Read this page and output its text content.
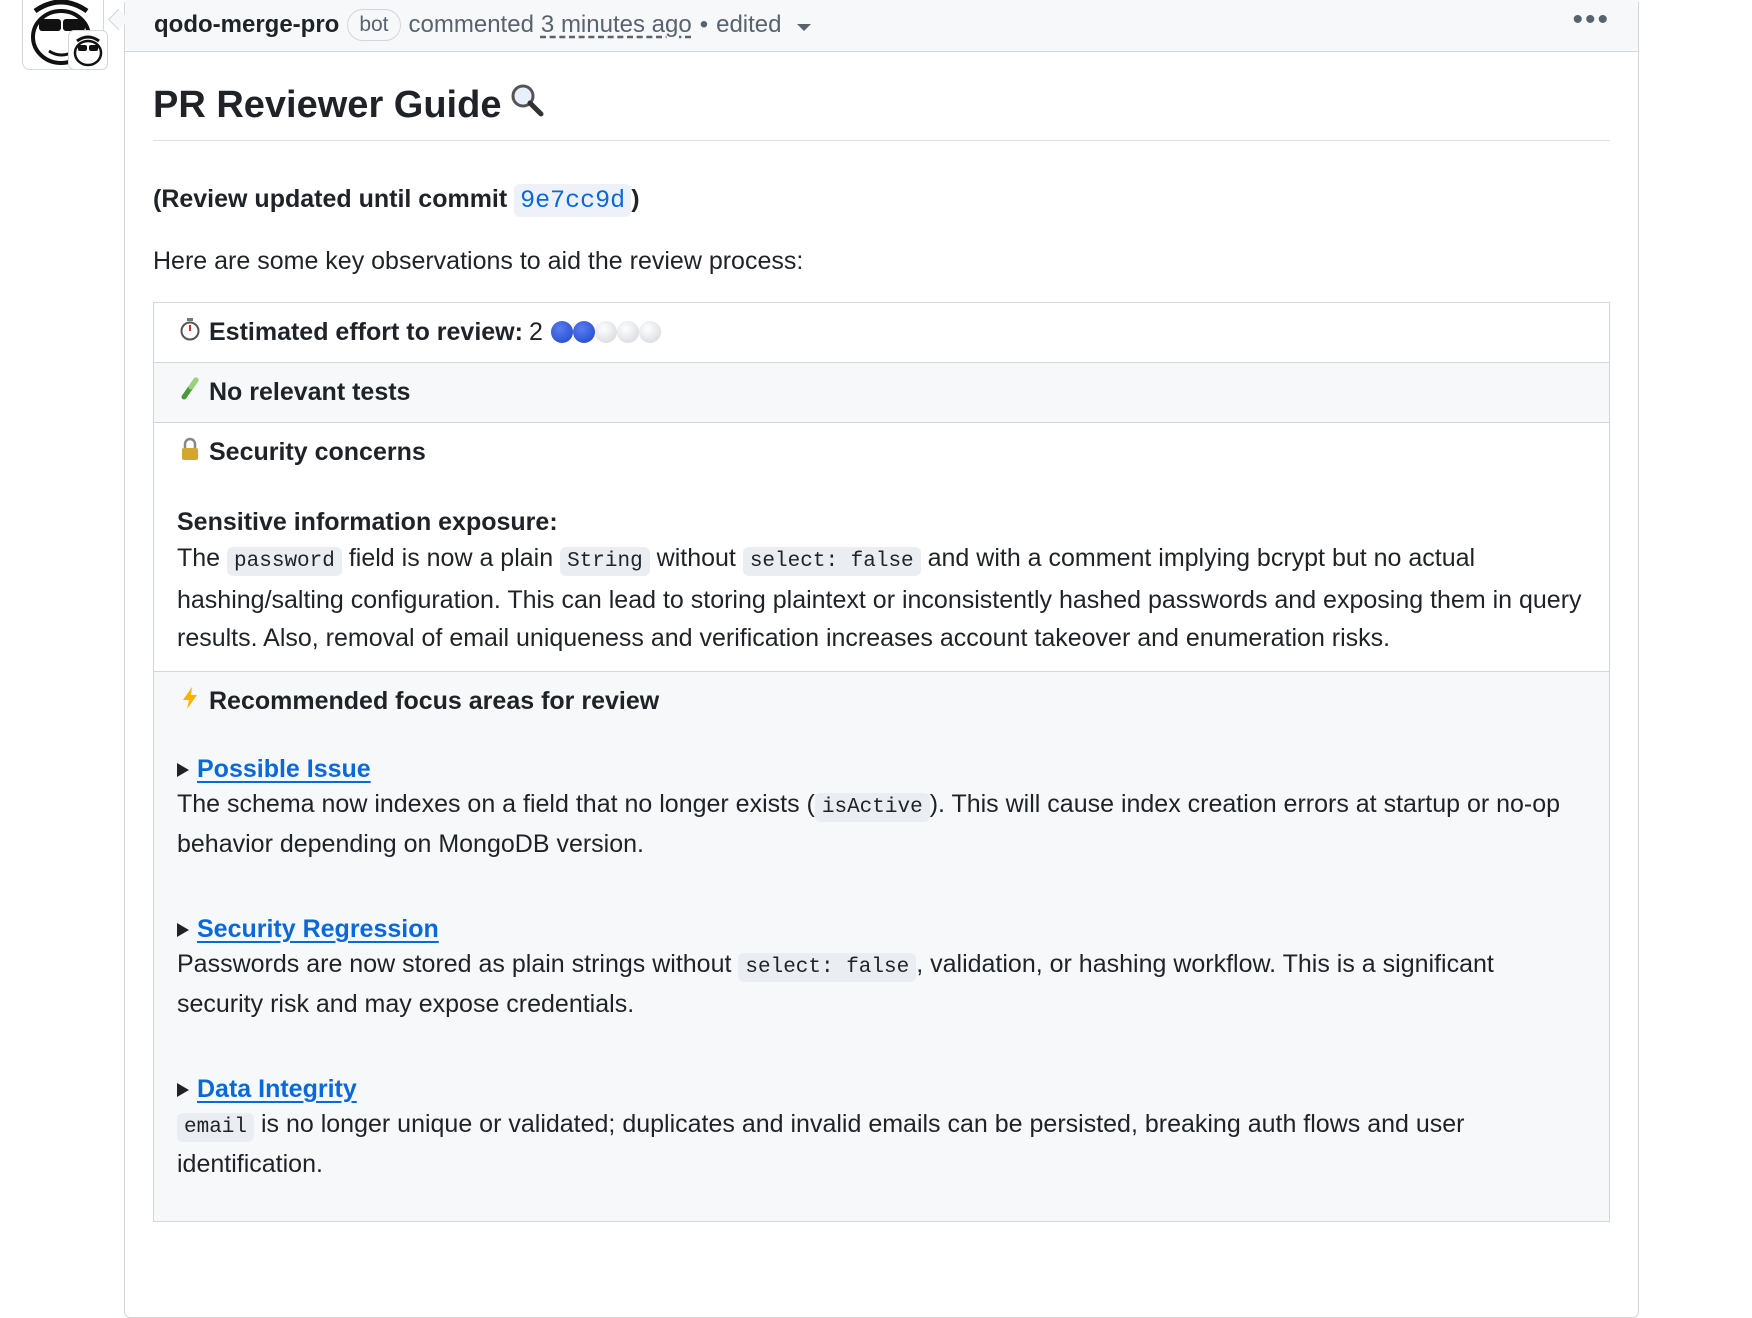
qodo-merge-pro bot commented 3 minutes ago • edited	•••
PR Reviewer Guide
(Review updated until commit 9e7cc9d )
Here are some key observations to aid the review process:
Estimated effort to review : 2
No relevant tests
Security concerns
Sensitive information exposure:
The password field is now a plain String without select: false and with a comment implying bcrypt but no actual hashing/salting configuration. This can lead to storing plaintext or inconsistently hashed passwords and exposing them in query results. Also, removal of email uniqueness and verification increases account takeover and enumeration risks.
Recommended focus areas for review
Possible Issue
The schema now indexes on a field that no longer exists ( isActive ). This will cause index creation errors at startup or no-op behavior depending on MongoDB version.
Security Regression
Passwords are now stored as plain strings without select: false , validation, or hashing workflow. This is a significant security risk and may expose credentials.
Data Integrity
email is no longer unique or validated; duplicates and invalid emails can be persisted, breaking auth flows and user identification.
